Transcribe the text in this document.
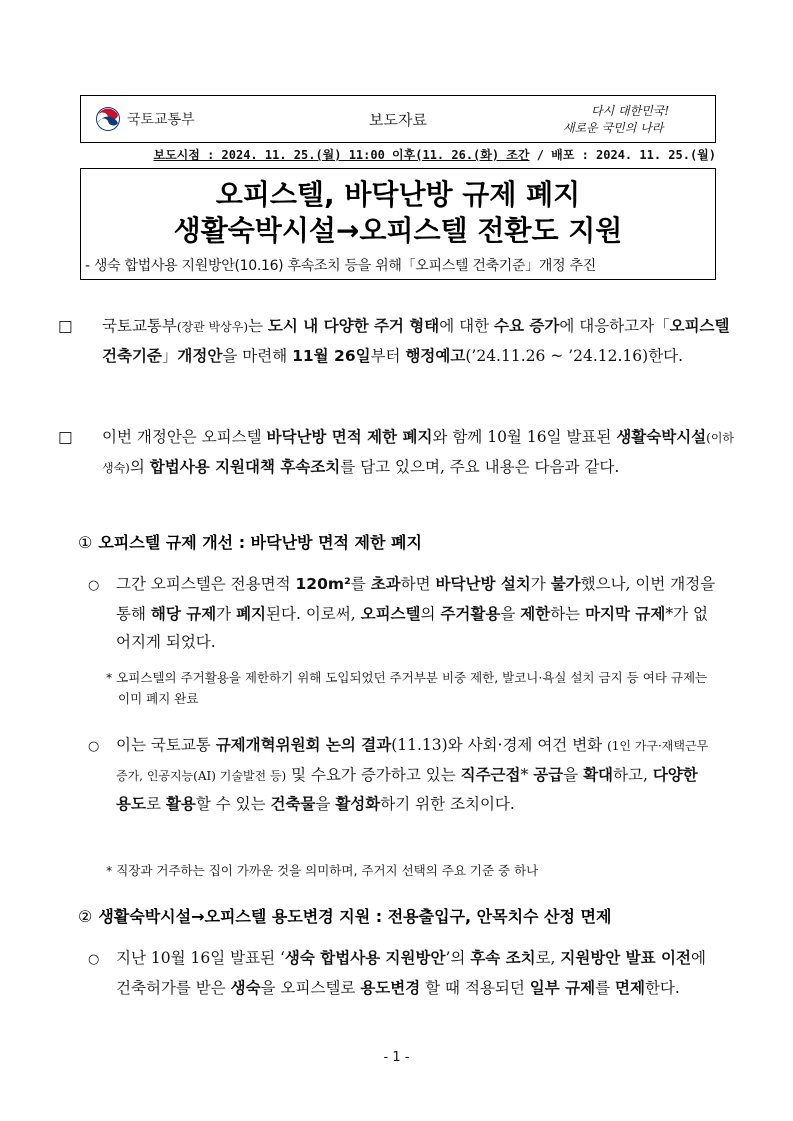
국토교통부	보도자료	다시 대한민국!
새로운 국민의 나라
보도시점 : 2024. 11. 25.(월) 11:00 이후(11. 26.(화) 조간 / 배포 : 2024. 11. 25.(월)
오피스텔, 바닥난방 규제 폐지
생활숙박시설→오피스텔 전환도 지원
- 생숙 합법사용 지원방안(10.16) 후속조치 등을 위해「오피스텔 건축기준」개정 추진
□ 국토교통부(장관 박상우)는 도시 내 다양한 주거 형태에 대한 수요 증가에 대응하고자「오피스텔 건축기준」개정안을 마련해 11월 26일부터 행정예고(’24.11.26 ~ ’24.12.16)한다.
□ 이번 개정안은 오피스텔 바닥난방 면적 제한 폐지와 함께 10월 16일 발표된 생활숙박시설(이하 생숙)의 합법사용 지원대책 후속조치를 담고 있으며, 주요 내용은 다음과 같다.
① 오피스텔 규제 개선 : 바닥난방 면적 제한 폐지
○ 그간 오피스텔은 전용면적 120m²를 초과하면 바닥난방 설치가 불가했으나, 이번 개정을 통해 해당 규제가 폐지된다. 이로써, 오피스텔의 주거활용을 제한하는 마지막 규제*가 없어지게 되었다.
* 오피스텔의 주거활용을 제한하기 위해 도입되었던 주거부분 비중 제한, 발코니·욕실 설치 금지 등 여타 규제는 이미 폐지 완료
○ 이는 국토교통 규제개혁위원회 논의 결과(11.13)와 사회·경제 여건 변화 (1인 가구·재택근무 증가, 인공지능(AI) 기술발전 등) 및 수요가 증가하고 있는 직주근접* 공급을 확대하고, 다양한 용도로 활용할 수 있는 건축물을 활성화하기 위한 조치이다.
* 직장과 거주하는 집이 가까운 것을 의미하며, 주거지 선택의 주요 기준 중 하나
② 생활숙박시설→오피스텔 용도변경 지원 : 전용출입구, 안목치수 산정 면제
○ 지난 10월 16일 발표된 ‘생숙 합법사용 지원방안’의 후속 조치로, 지원방안 발표 이전에 건축허가를 받은 생숙을 오피스텔로 용도변경 할 때 적용되던 일부 규제를 면제한다.
- 1 -
